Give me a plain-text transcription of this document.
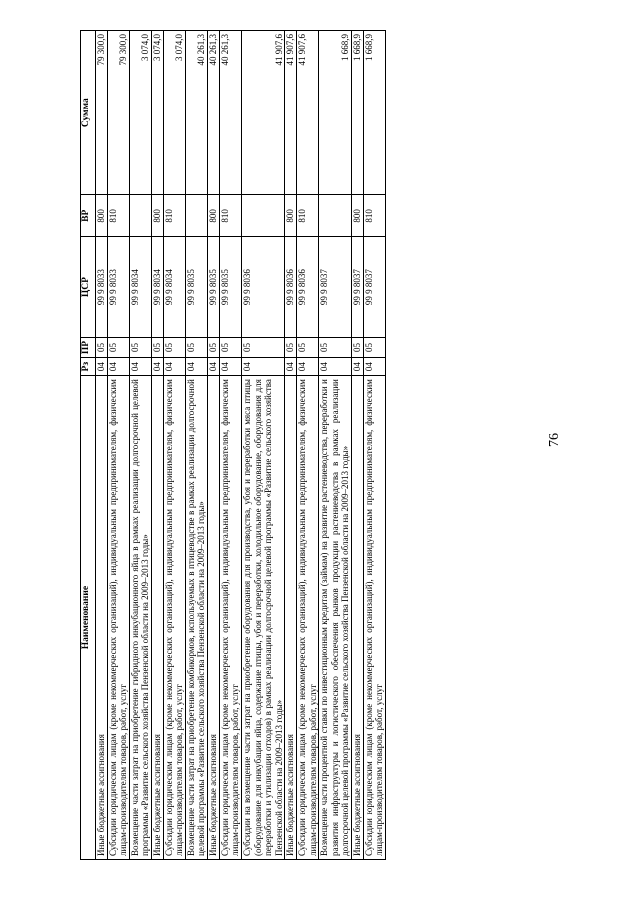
76
Наименование	Рз	ПР	ЦСР	ВР	Сумма
Иные бюджетные ассигнования	04	05	99 9 8033	800	79 300,0
Субсидии юридическим лицам (кроме некоммерческих организаций), индивидуальным предпринимателям, физическим лицам-производителям товаров, работ, услуг	04	05	99 9 8033	810	79 300,0
Возмещение части затрат на приобретение гибридного инкубационного яйца в рамках реализации долгосрочной целевой программы «Развитие сельского хозяйства Пензенской области на 2009–2013 годы»	04	05	99 9 8034		3 074,0
Иные бюджетные ассигнования	04	05	99 9 8034	800	3 074,0
Субсидии юридическим лицам (кроме некоммерческих организаций), индивидуальным предпринимателям, физическим лицам-производителям товаров, работ, услуг	04	05	99 9 8034	810	3 074,0
Возмещение части затрат на приобретение комбикормов, используемых в птицеводстве в рамках реализации долгосрочной целевой программы «Развитие сельского хозяйства Пензенской области на 2009–2013 годы»	04	05	99 9 8035		40 261,3
Иные бюджетные ассигнования	04	05	99 9 8035	800	40 261,3
Субсидии юридическим лицам (кроме некоммерческих организаций), индивидуальным предпринимателям, физическим лицам-производителям товаров, работ, услуг	04	05	99 9 8035	810	40 261,3
Субсидии на возмещение части затрат на приобретение оборудования для производства, убоя и переработки мяса птицы (оборудование для инкубации яйца, содержание птицы, убоя и переработки, холодильное оборудование, оборудования для переработки и утилизации отходов) в рамках реализации долгосрочной целевой программы «Развитие сельского хозяйства Пензенской области на 2009–2013 годы»	04	05	99 9 8036		41 907,6
Иные бюджетные ассигнования	04	05	99 9 8036	800	41 907,6
Субсидии юридическим лицам (кроме некоммерческих организаций), индивидуальным предпринимателям, физическим лицам-производителям товаров, работ, услуг	04	05	99 9 8036	810	41 907,6
Возмещение части процентной ставки по инвестиционным кредитам (займам) на развитие растениеводства, переработки и развития инфраструктуры и логистического обеспечения рынков продукции растениеводства в рамках реализации долгосрочной целевой программы «Развитие сельского хозяйства Пензенской области на 2009–2013 годы»	04	05	99 9 8037		1 668,9
Иные бюджетные ассигнования	04	05	99 9 8037	800	1 668,9
Субсидии юридическим лицам (кроме некоммерческих организаций), индивидуальным предпринимателям, физическим лицам-производителям товаров, работ, услуг	04	05	99 9 8037	810	1 668,9
